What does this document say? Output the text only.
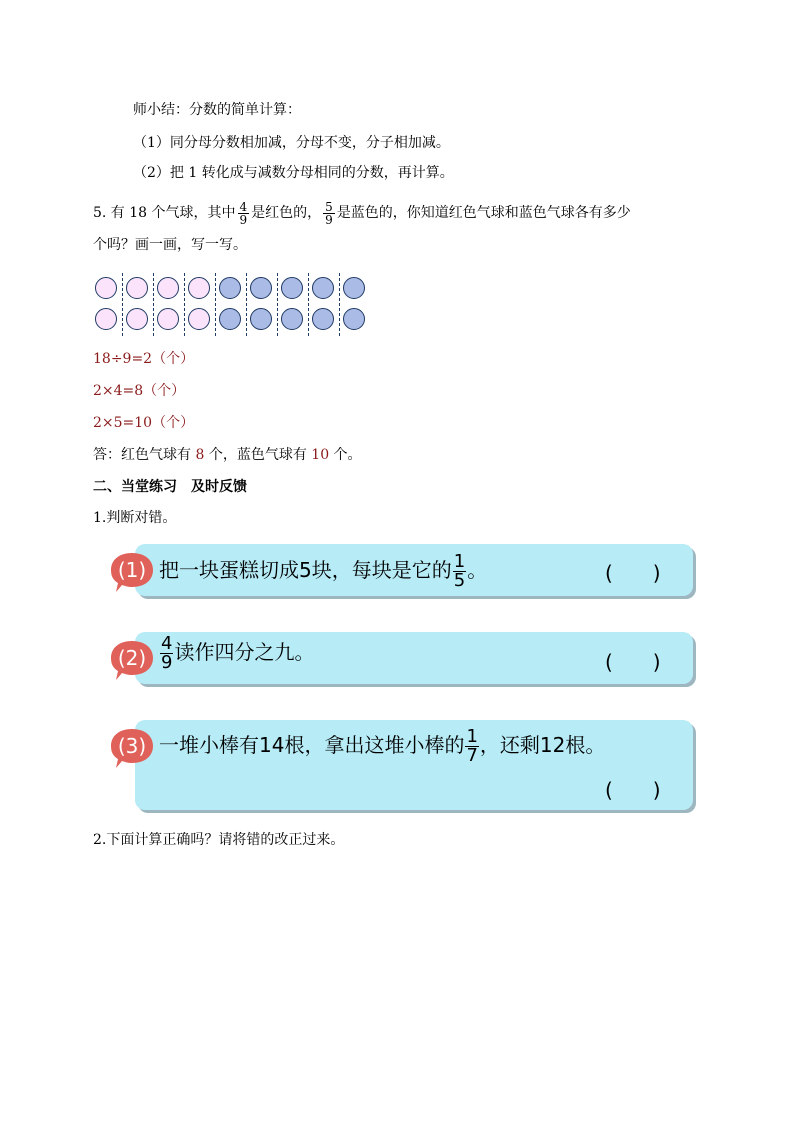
师小结：分数的简单计算：
（1）同分母分数相加减，分母不变，分子相加减。
（2）把 1 转化成与减数分母相同的分数，再计算。
5. 有 18 个气球，其中 $\frac{4}{9}$ 是红色的， $\frac{5}{9}$ 是蓝色的，你知道红色气球和蓝色气球各有多少
个吗？画一画，写一写。
18÷9=2（个）
2×4=8（个）
2×5=10（个）
答：红色气球有 8 个，蓝色气球有 10 个。
二、当堂练习　及时反馈
1.判断对错。
把一块蛋糕切成5块，每块是它的 $\frac{1}{5}$ 。	(　　)
(1)
$\frac{4}{9}$ 读作四分之九。	(　　)
(2)
一堆小棒有14根，拿出这堆小棒的 $\frac{1}{7}$ ，还剩12根。
(　　)
(3)
2.下面计算正确吗？请将错的改正过来。
